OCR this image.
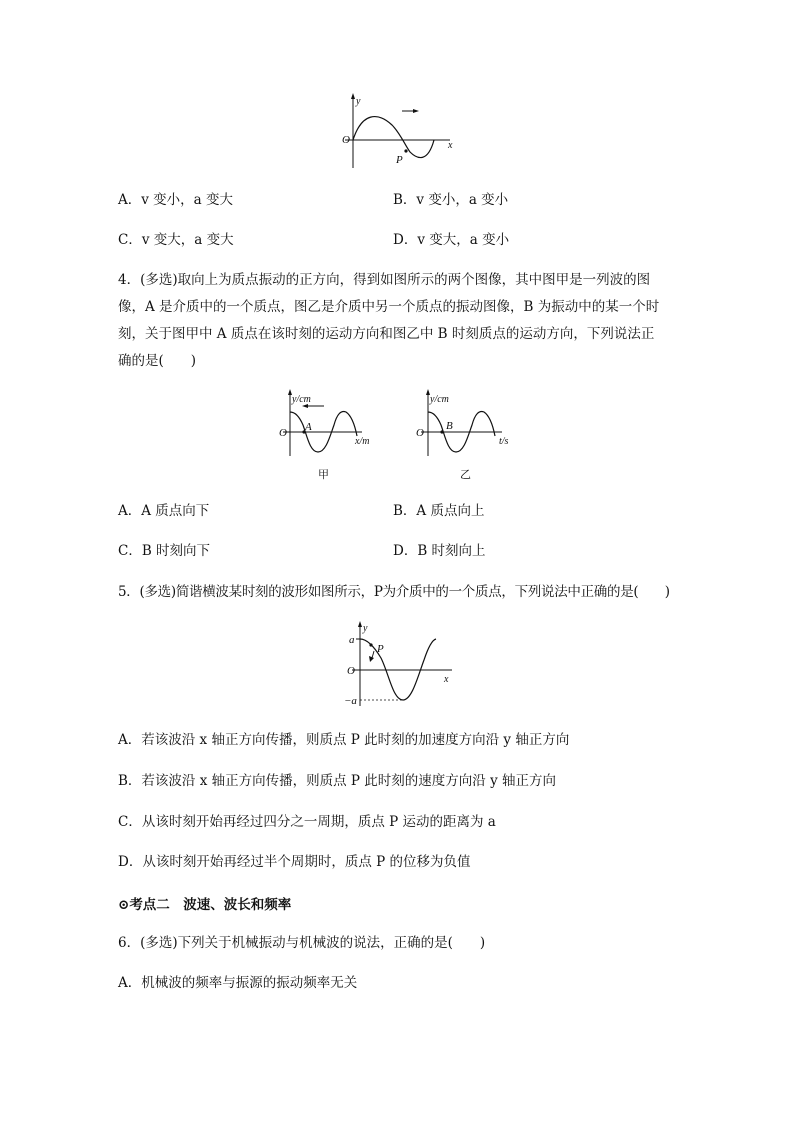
y
O	x
P
A．v 变小，a 变大	B．v 变小，a 变小
C．v 变大，a 变大	D．v 变大，a 变小
4．(多选)取向上为质点振动的正方向，得到如图所示的两个图像，其中图甲是一列波的图
像，A 是介质中的一个质点，图乙是介质中另一个质点的振动图像，B 为振动中的某一个时
刻，关于图甲中 A 质点在该时刻的运动方向和图乙中 B 时刻质点的运动方向，下列说法正
确的是(　　)
y/cm
O A
x/m
甲
y/cm
O
B
t/s
乙
A．A 质点向下	B．A 质点向上
C．B 时刻向下	D．B 时刻向上
5．(多选)简谐横波某时刻的波形如图所示，P为介质中的一个质点，下列说法中正确的是(　　)
y
a
O
−a
x
P
A．若该波沿 x 轴正方向传播，则质点 P 此时刻的加速度方向沿 y 轴正方向
B．若该波沿 x 轴正方向传播，则质点 P 此时刻的速度方向沿 y 轴正方向
C．从该时刻开始再经过四分之一周期，质点 P 运动的距离为 a
D．从该时刻开始再经过半个周期时，质点 P 的位移为负值
⊙考点二　波速、波长和频率
6．(多选)下列关于机械振动与机械波的说法，正确的是(　　)
A．机械波的频率与振源的振动频率无关
